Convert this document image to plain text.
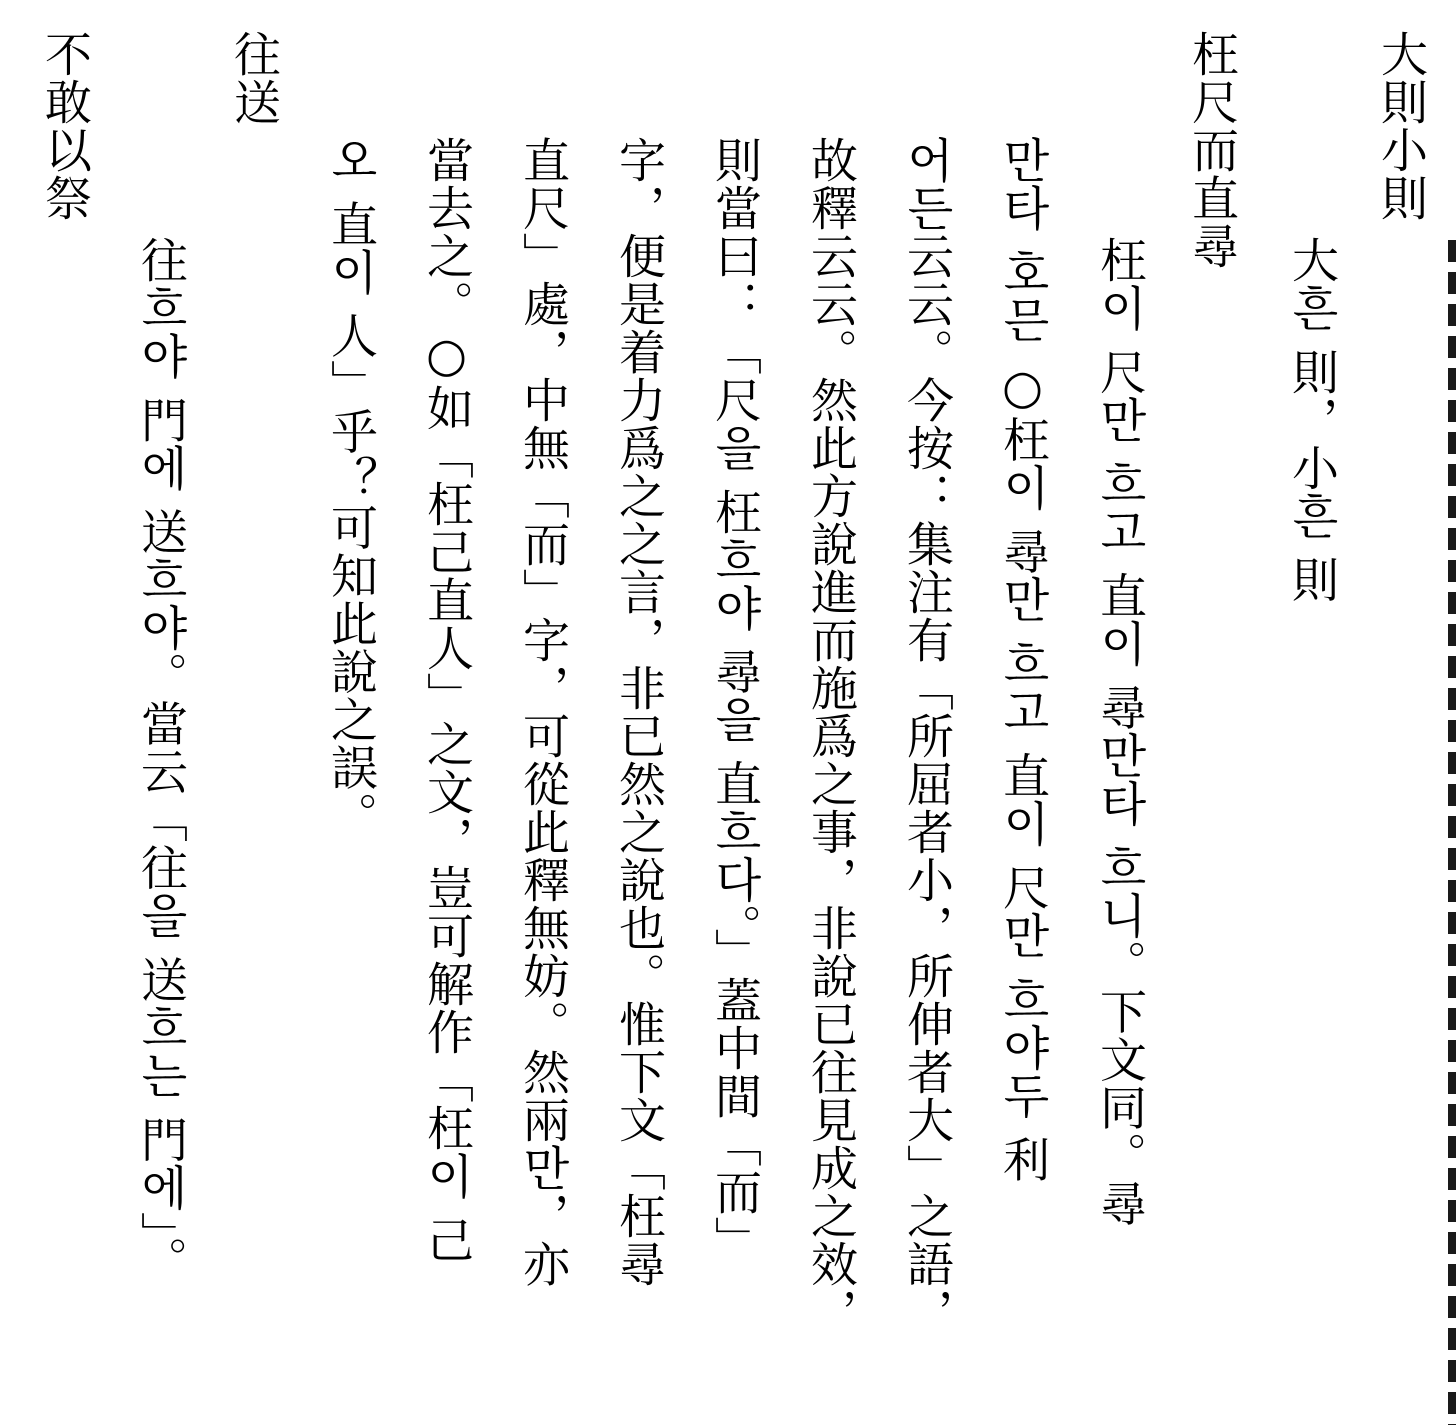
大則小則
大흔 則，小흔 則
枉尺而直尋
枉이 尺만 흐고 直이 尋만타 흐니。下文同。尋
만타 호믄 ○枉이 尋만 흐고 直이 尺만 흐야두 利
어든云云。今按：集注有「所屈者小，所伸者大」之語，
故釋云云。然此方說進而施爲之事，非說已往見成之效，
則當曰：「尺을 枉흐야 尋을 直흐다。」蓋中間「而」
字，便是着力爲之之言，非已然之說也。惟下文「枉尋
直尺」處，中無「而」字，可從此釋無妨。然兩만，亦
當去之。○如「枉己直人」之文，豈可解作「枉이 己
오 直이 人」乎？可知此說之誤。
往送
往흐야 門에 送흐야。當云「往을 送흐는 門에」。
不敢以祭
